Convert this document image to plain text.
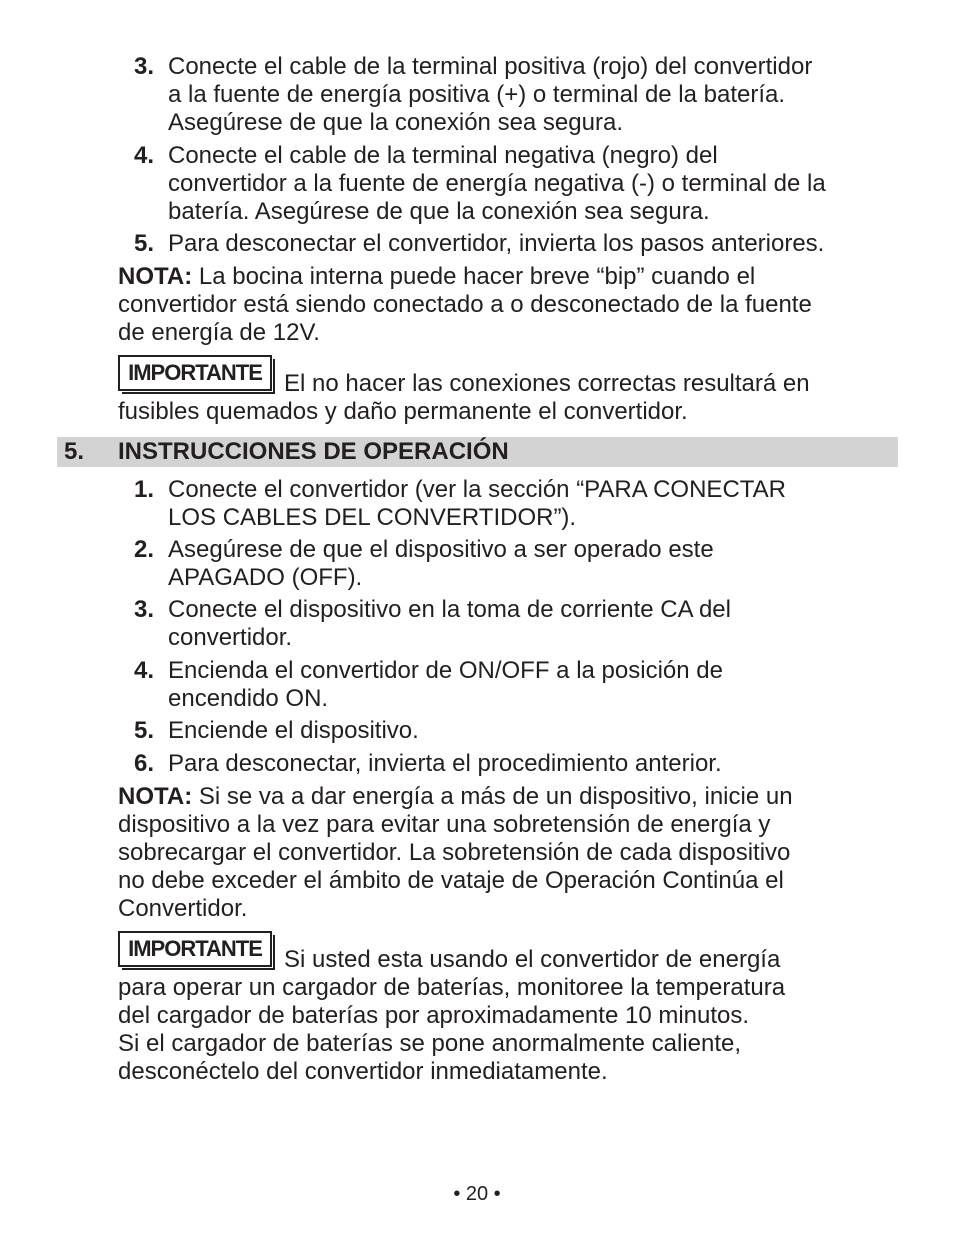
3. Conecte el cable de la terminal positiva (rojo) del convertidor
a la fuente de energía positiva (+) o terminal de la batería.
Asegúrese de que la conexión sea segura.
4. Conecte el cable de la terminal negativa (negro) del
convertidor a la fuente de energía negativa (-) o terminal de la
batería. Asegúrese de que la conexión sea segura.
5. Para desconectar el convertidor, invierta los pasos anteriores.
NOTA: La bocina interna puede hacer breve “bip” cuando el
convertidor está siendo conectado a o desconectado de la fuente
de energía de 12V.
IMPORTANTE El no hacer las conexiones correctas resultará en
fusibles quemados y daño permanente el convertidor.
5. INSTRUCCIONES DE OPERACIÓN
1. Conecte el convertidor (ver la sección “PARA CONECTAR
LOS CABLES DEL CONVERTIDOR”).
2. Asegúrese de que el dispositivo a ser operado este
APAGADO (OFF).
3. Conecte el dispositivo en la toma de corriente CA del
convertidor.
4. Encienda el convertidor de ON/OFF a la posición de
encendido ON.
5. Enciende el dispositivo.
6. Para desconectar, invierta el procedimiento anterior.
NOTA: Si se va a dar energía a más de un dispositivo, inicie un
dispositivo a la vez para evitar una sobretensión de energía y
sobrecargar el convertidor. La sobretensión de cada dispositivo
no debe exceder el ámbito de vataje de Operación Continúa el
Convertidor.
IMPORTANTE Si usted esta usando el convertidor de energía
para operar un cargador de baterías, monitoree la temperatura
del cargador de baterías por aproximadamente 10 minutos.
Si el cargador de baterías se pone anormalmente caliente,
desconéctelo del convertidor inmediatamente.
• 20 •
